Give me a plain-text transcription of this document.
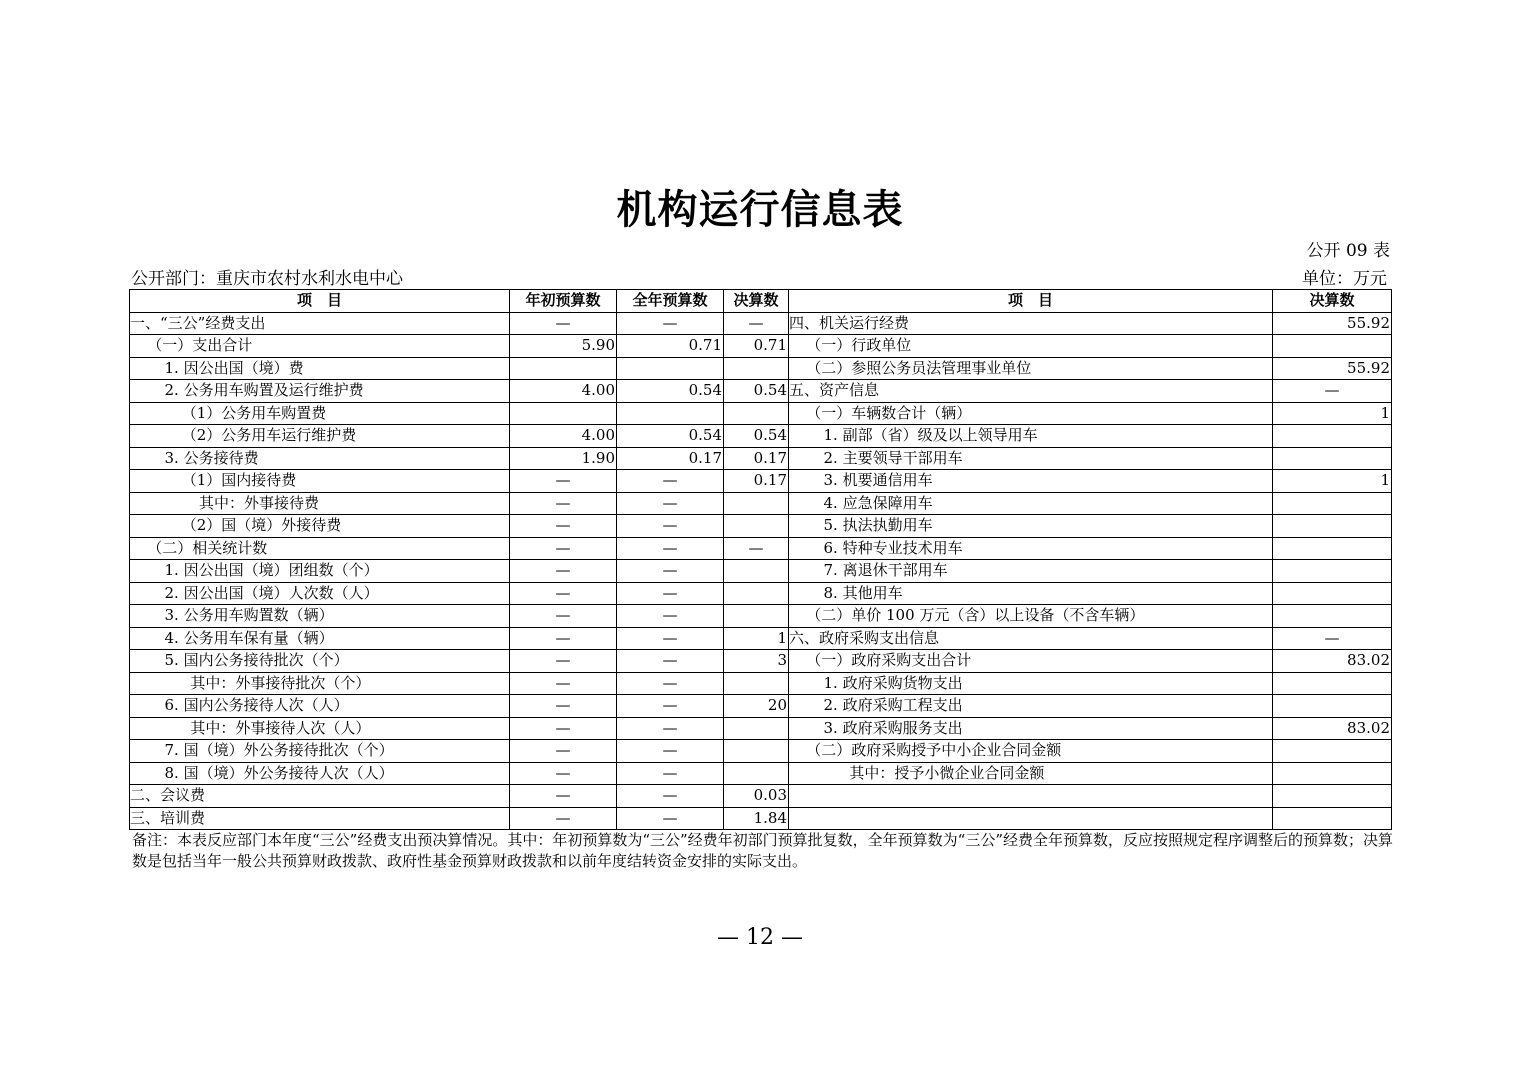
机构运行信息表
公开 09 表
公开部门：重庆市农村水利水电中心	单位：万元
项　目	年初预算数	全年预算数	决算数	项　目	决算数
一、“三公”经费支出	—	—	—	四、机关运行经费	55.92
（一）支出合计	5.90	0.71	0.71	（一）行政单位	
1. 因公出国（境）费				（二）参照公务员法管理事业单位	55.92
2. 公务用车购置及运行维护费	4.00	0.54	0.54	五、资产信息	—
（1）公务用车购置费				（一）车辆数合计（辆）	1
（2）公务用车运行维护费	4.00	0.54	0.54	1. 副部（省）级及以上领导用车	
3. 公务接待费	1.90	0.17	0.17	2. 主要领导干部用车	
（1）国内接待费	—	—	0.17	3. 机要通信用车	1
其中：外事接待费	—	—		4. 应急保障用车	
（2）国（境）外接待费	—	—		5. 执法执勤用车	
（二）相关统计数	—	—	—	6. 特种专业技术用车	
1. 因公出国（境）团组数（个）	—	—		7. 离退休干部用车	
2. 因公出国（境）人次数（人）	—	—		8. 其他用车	
3. 公务用车购置数（辆）	—	—		（二）单价 100 万元（含）以上设备（不含车辆）	
4. 公务用车保有量（辆）	—	—	1	六、政府采购支出信息	—
5. 国内公务接待批次（个）	—	—	3	（一）政府采购支出合计	83.02
其中：外事接待批次（个）	—	—		1. 政府采购货物支出	
6. 国内公务接待人次（人）	—	—	20	2. 政府采购工程支出	
其中：外事接待人次（人）	—	—		3. 政府采购服务支出	83.02
7. 国（境）外公务接待批次（个）	—	—		（二）政府采购授予中小企业合同金额	
8. 国（境）外公务接待人次（人）	—	—		其中：授予小微企业合同金额	
二、会议费	—	—	0.03		
三、培训费	—	—	1.84		
备注：本表反应部门本年度“三公”经费支出预决算情况。其中：年初预算数为“三公”经费年初部门预算批复数，全年预算数为“三公”经费全年预算数，反应按照规定程序调整后的预算数；决算数是包括当年一般公共预算财政拨款、政府性基金预算财政拨款和以前年度结转资金安排的实际支出。
— 12 —
